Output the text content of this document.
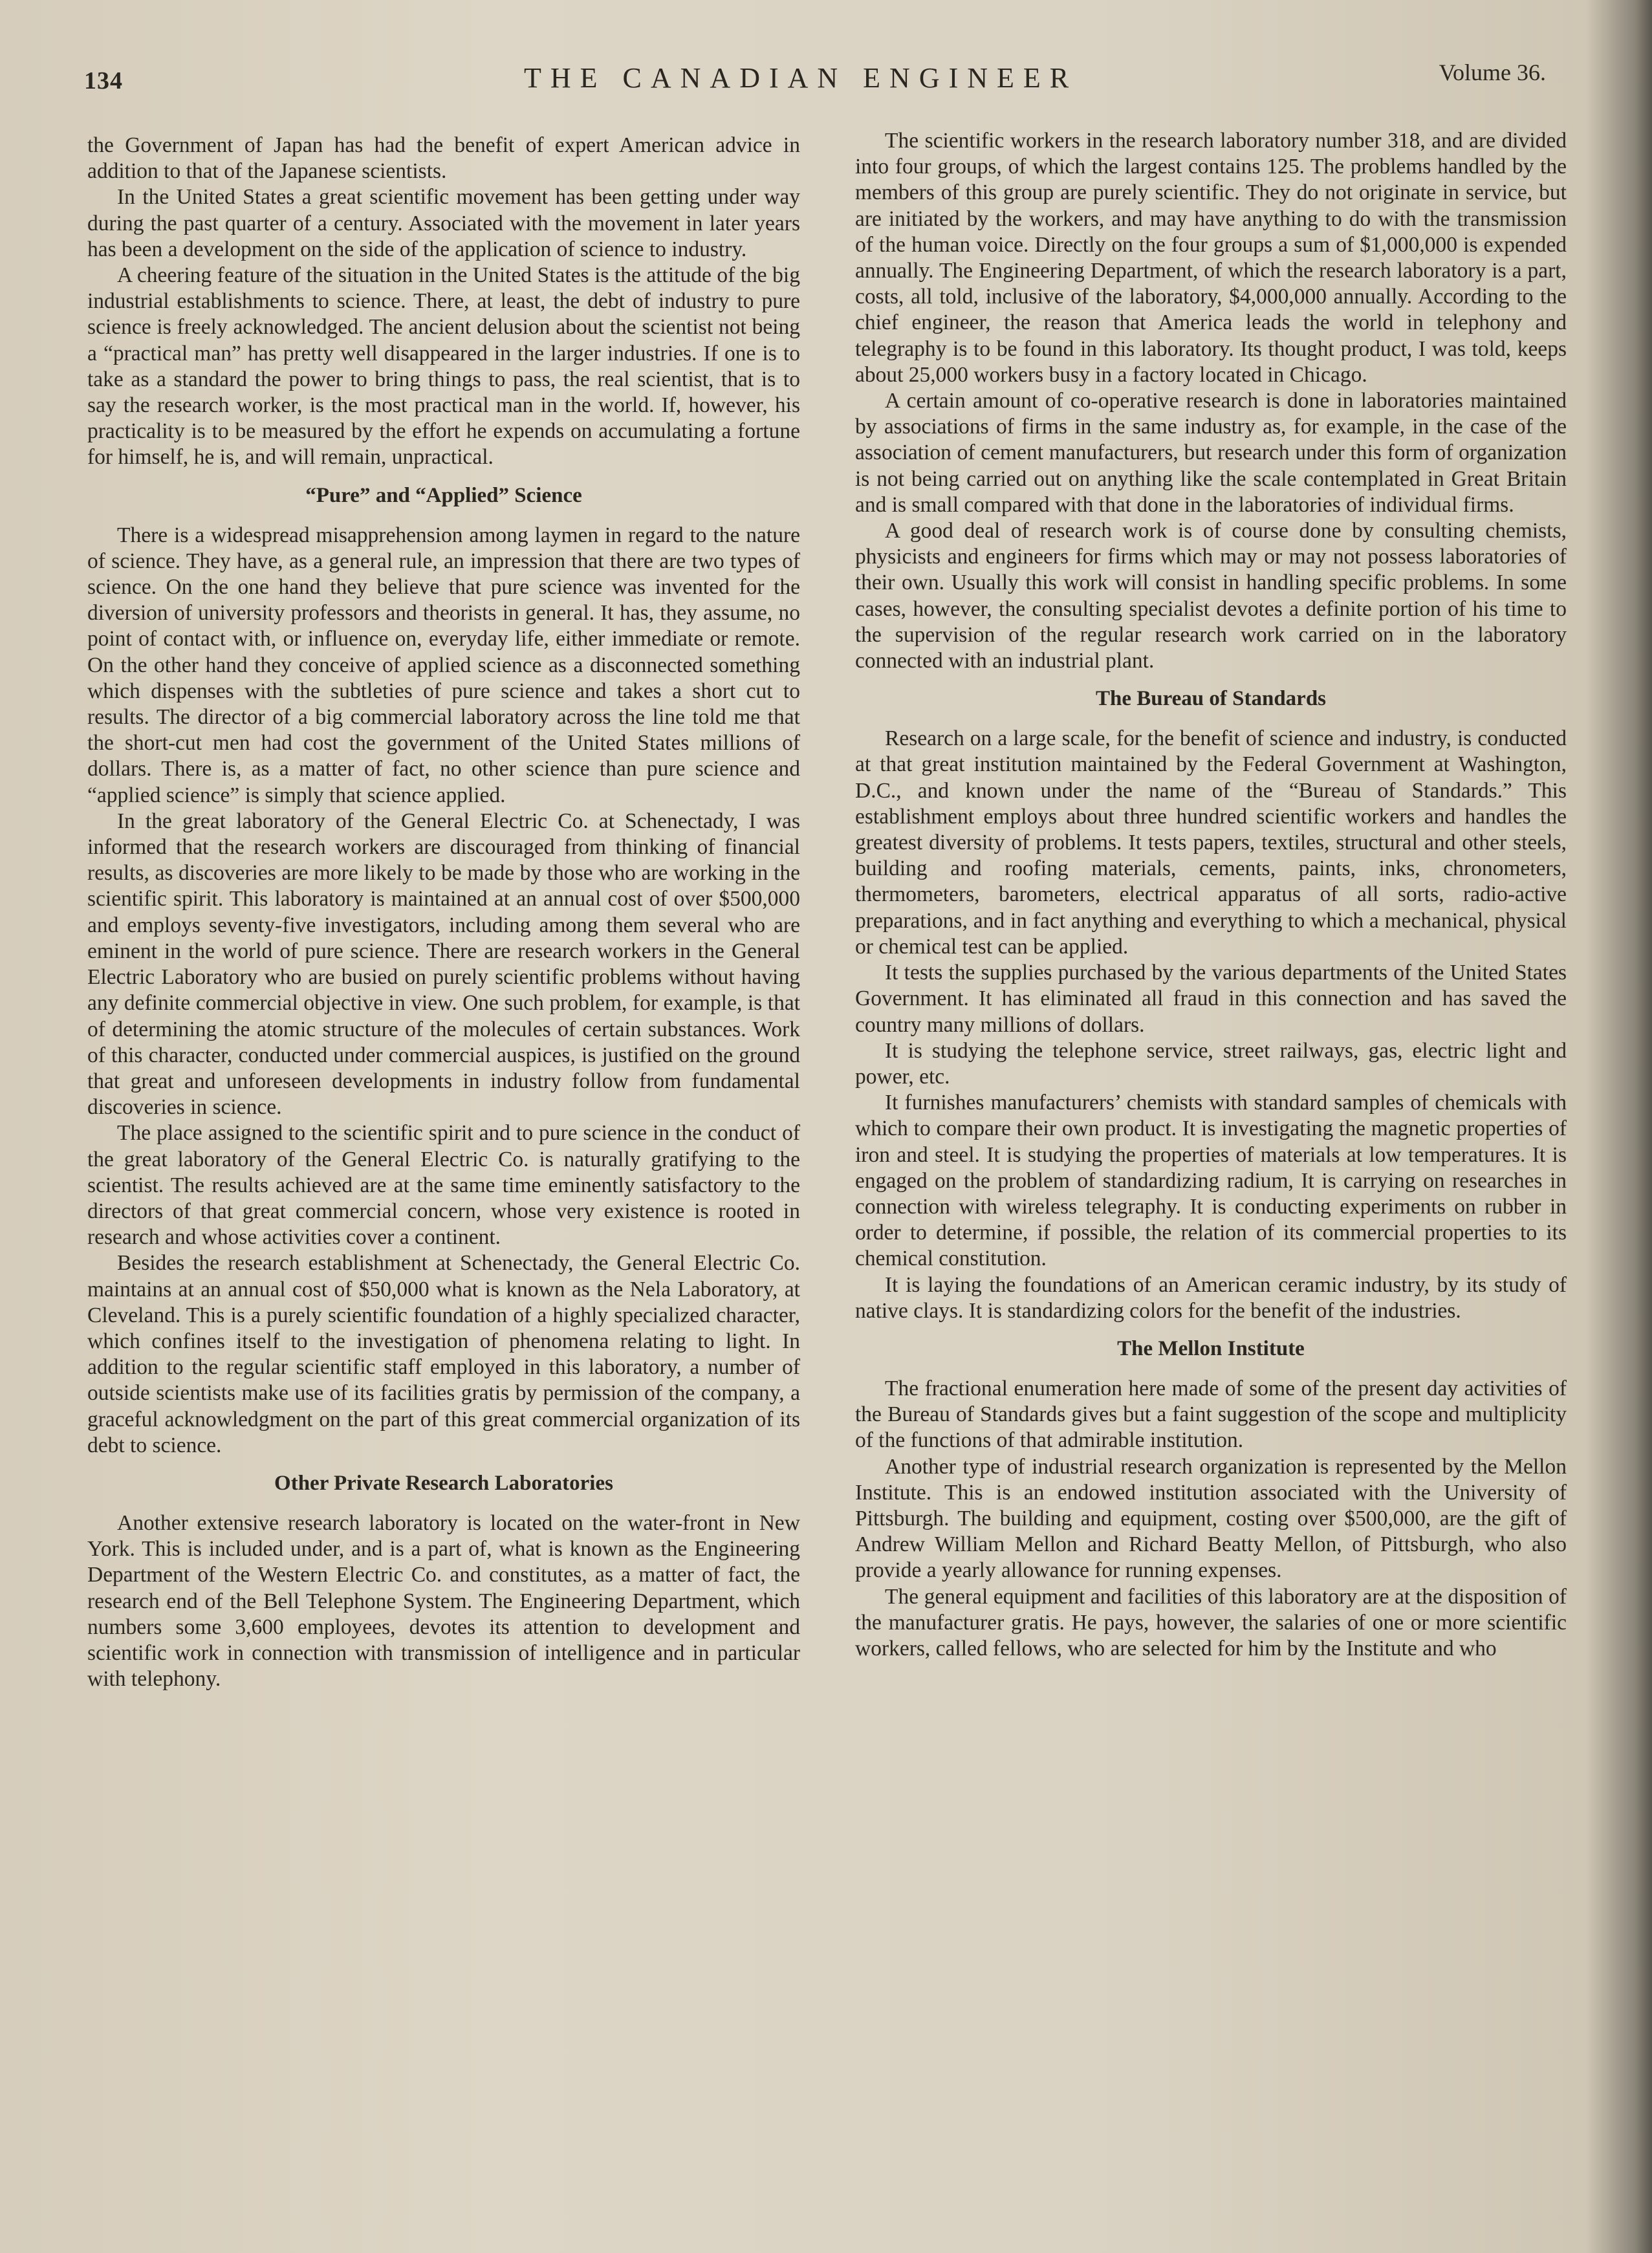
134	THE CANADIAN ENGINEER	Volume 36.

the Government of Japan has had the benefit of expert American advice in addition to that of the Japanese scientists.

In the United States a great scientific movement has been getting under way during the past quarter of a century. Associated with the movement in later years has been a development on the side of the application of science to industry.

A cheering feature of the situation in the United States is the attitude of the big industrial establishments to science. There, at least, the debt of industry to pure science is freely acknowledged. The ancient delusion about the scientist not being a “practical man” has pretty well disappeared in the larger industries. If one is to take as a standard the power to bring things to pass, the real scientist, that is to say the research worker, is the most practical man in the world. If, however, his practicality is to be measured by the effort he expends on accumulating a fortune for himself, he is, and will remain, unpractical.

“Pure” and “Applied” Science

There is a widespread misapprehension among laymen in regard to the nature of science. They have, as a general rule, an impression that there are two types of science. On the one hand they believe that pure science was invented for the diversion of university professors and theorists in general. It has, they assume, no point of contact with, or influence on, everyday life, either immediate or remote. On the other hand they conceive of applied science as a disconnected something which dispenses with the subtleties of pure science and takes a short cut to results. The director of a big commercial laboratory across the line told me that the short-cut men had cost the government of the United States millions of dollars. There is, as a matter of fact, no other science than pure science and “applied science” is simply that science applied.

In the great laboratory of the General Electric Co. at Schenectady, I was informed that the research workers are discouraged from thinking of financial results, as discoveries are more likely to be made by those who are working in the scientific spirit. This laboratory is maintained at an annual cost of over $500,000 and employs seventy-five investigators, including among them several who are eminent in the world of pure science. There are research workers in the General Electric Laboratory who are busied on purely scientific problems without having any definite commercial objective in view. One such problem, for example, is that of determining the atomic structure of the molecules of certain substances. Work of this character, conducted under commercial auspices, is justified on the ground that great and unforeseen developments in industry follow from fundamental discoveries in science.

The place assigned to the scientific spirit and to pure science in the conduct of the great laboratory of the General Electric Co. is naturally gratifying to the scientist. The results achieved are at the same time eminently satisfactory to the directors of that great commercial concern, whose very existence is rooted in research and whose activities cover a continent.

Besides the research establishment at Schenectady, the General Electric Co. maintains at an annual cost of $50,000 what is known as the Nela Laboratory, at Cleveland. This is a purely scientific foundation of a highly specialized character, which confines itself to the investigation of phenomena relating to light. In addition to the regular scientific staff employed in this laboratory, a number of outside scientists make use of its facilities gratis by permission of the company, a graceful acknowledgment on the part of this great commercial organization of its debt to science.

Other Private Research Laboratories

Another extensive research laboratory is located on the water-front in New York. This is included under, and is a part of, what is known as the Engineering Department of the Western Electric Co. and constitutes, as a matter of fact, the research end of the Bell Telephone System. The Engineering Department, which numbers some 3,600 employees, devotes its attention to development and scientific work in connection with transmission of intelligence and in particular with telephony.

The scientific workers in the research laboratory number 318, and are divided into four groups, of which the largest contains 125. The problems handled by the members of this group are purely scientific. They do not originate in service, but are initiated by the workers, and may have anything to do with the transmission of the human voice. Directly on the four groups a sum of $1,000,000 is expended annually. The Engineering Department, of which the research laboratory is a part, costs, all told, inclusive of the laboratory, $4,000,000 annually. According to the chief engineer, the reason that America leads the world in telephony and telegraphy is to be found in this laboratory. Its thought product, I was told, keeps about 25,000 workers busy in a factory located in Chicago.

A certain amount of co-operative research is done in laboratories maintained by associations of firms in the same industry as, for example, in the case of the association of cement manufacturers, but research under this form of organization is not being carried out on anything like the scale contemplated in Great Britain and is small compared with that done in the laboratories of individual firms.

A good deal of research work is of course done by consulting chemists, physicists and engineers for firms which may or may not possess laboratories of their own. Usually this work will consist in handling specific problems. In some cases, however, the consulting specialist devotes a definite portion of his time to the supervision of the regular research work carried on in the laboratory connected with an industrial plant.

The Bureau of Standards

Research on a large scale, for the benefit of science and industry, is conducted at that great institution maintained by the Federal Government at Washington, D.C., and known under the name of the “Bureau of Standards.” This establishment employs about three hundred scientific workers and handles the greatest diversity of problems. It tests papers, textiles, structural and other steels, building and roofing materials, cements, paints, inks, chronometers, thermometers, barometers, electrical apparatus of all sorts, radio-active preparations, and in fact anything and everything to which a mechanical, physical or chemical test can be applied.

It tests the supplies purchased by the various departments of the United States Government. It has eliminated all fraud in this connection and has saved the country many millions of dollars.

It is studying the telephone service, street railways, gas, electric light and power, etc.

It furnishes manufacturers’ chemists with standard samples of chemicals with which to compare their own product. It is investigating the magnetic properties of iron and steel. It is studying the properties of materials at low temperatures. It is engaged on the problem of standardizing radium, It is carrying on researches in connection with wireless telegraphy. It is conducting experiments on rubber in order to determine, if possible, the relation of its commercial properties to its chemical constitution.

It is laying the foundations of an American ceramic industry, by its study of native clays. It is standardizing colors for the benefit of the industries.

The Mellon Institute

The fractional enumeration here made of some of the present day activities of the Bureau of Standards gives but a faint suggestion of the scope and multiplicity of the functions of that admirable institution.

Another type of industrial research organization is represented by the Mellon Institute. This is an endowed institution associated with the University of Pittsburgh. The building and equipment, costing over $500,000, are the gift of Andrew William Mellon and Richard Beatty Mellon, of Pittsburgh, who also provide a yearly allowance for running expenses.

The general equipment and facilities of this laboratory are at the disposition of the manufacturer gratis. He pays, however, the salaries of one or more scientific workers, called fellows, who are selected for him by the Institute and who
